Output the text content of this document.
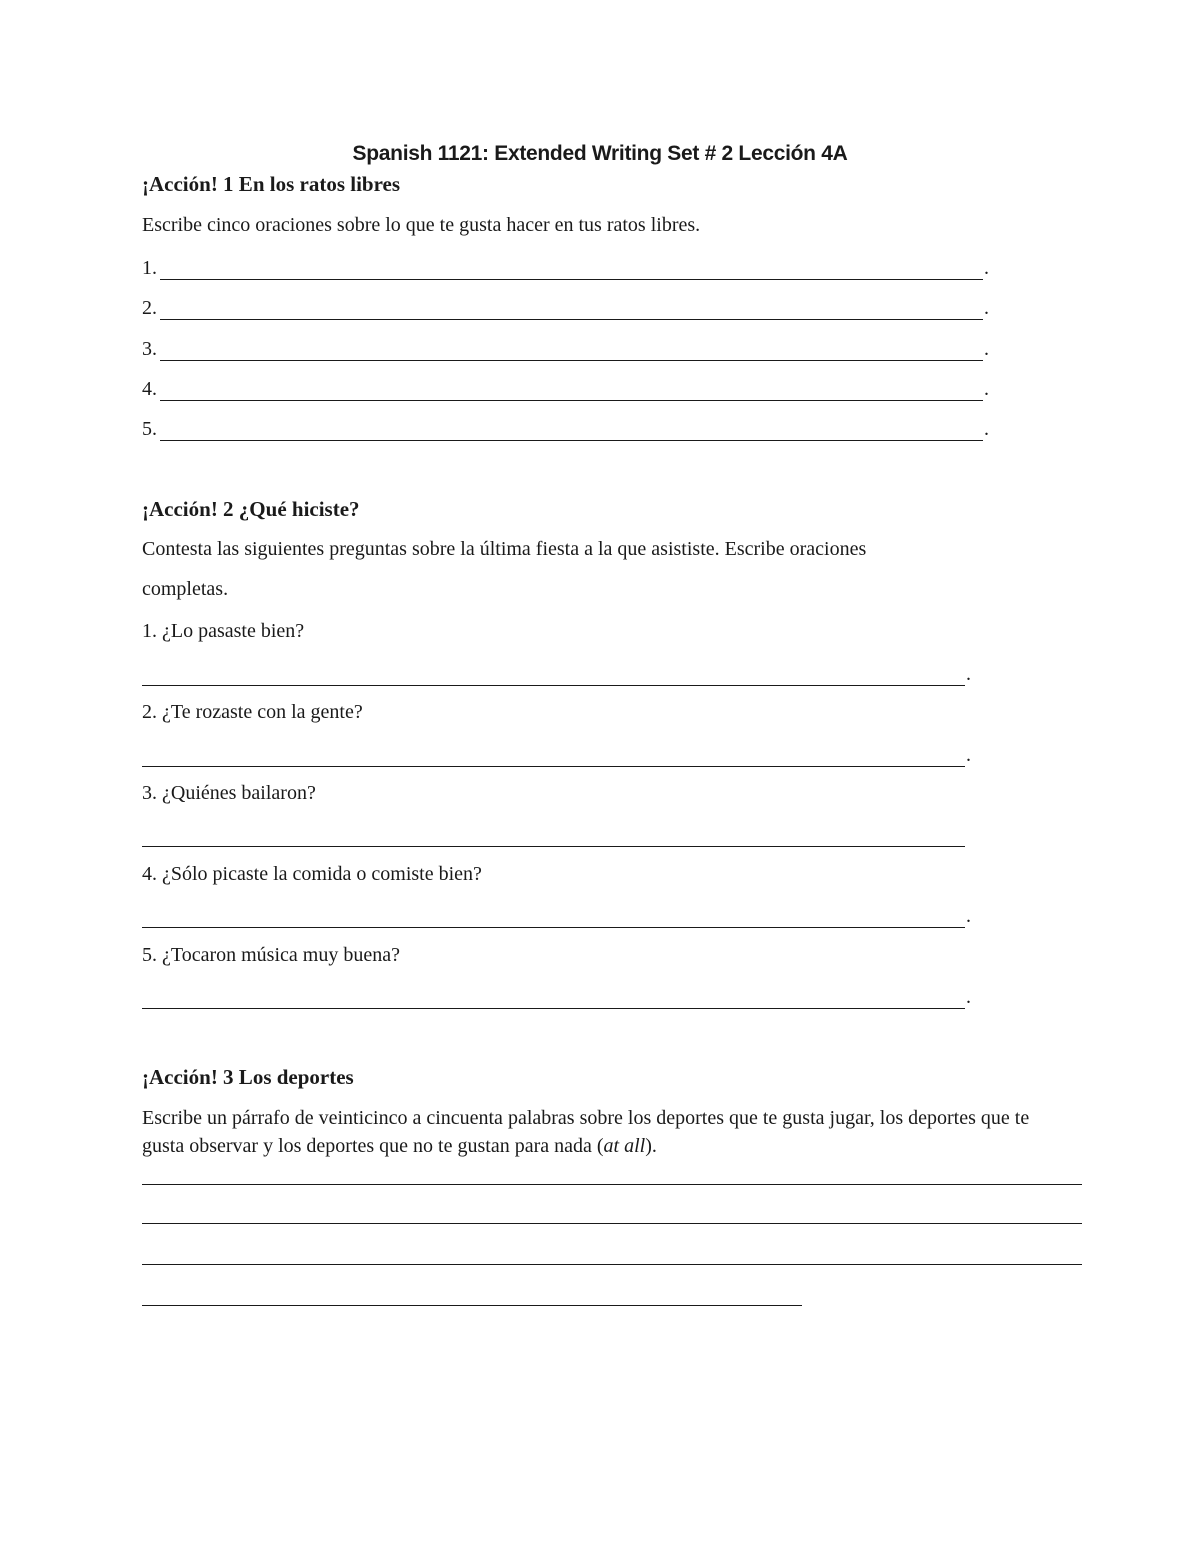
Spanish 1121: Extended Writing Set # 2 Lección 4A
¡Acción! 1 En los ratos libres
Escribe cinco oraciones sobre lo que te gusta hacer en tus ratos libres.
1.	.
2.	.
3.	.
4.	.
5.	.
¡Acción! 2 ¿Qué hiciste?
Contesta las siguientes preguntas sobre la última fiesta a la que asististe. Escribe oraciones
completas.
1. ¿Lo pasaste bien?
.
2. ¿Te rozaste con la gente?
.
3. ¿Quiénes bailaron?
4. ¿Sólo picaste la comida o comiste bien?
.
5. ¿Tocaron música muy buena?
.
¡Acción! 3 Los deportes
Escribe un párrafo de veinticinco a cincuenta palabras sobre los deportes que te gusta jugar, los deportes que te gusta observar y los deportes que no te gustan para nada (at all).
